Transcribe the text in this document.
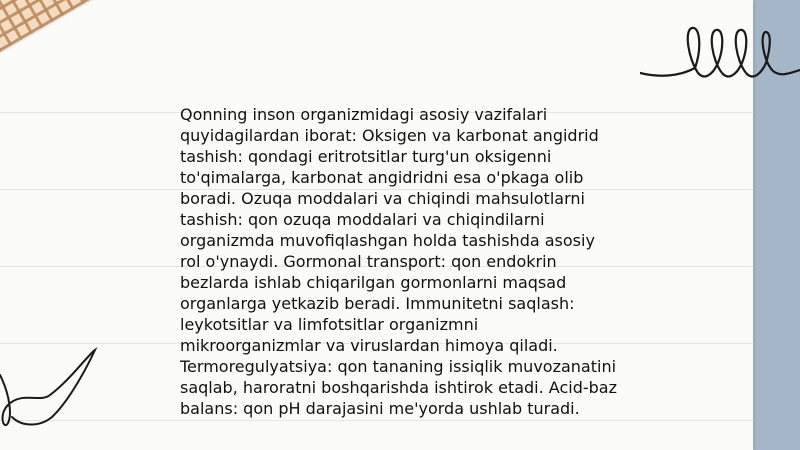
Qonning inson organizmidagi asosiy vazifalari quyidagilardan iborat: Oksigen va karbonat angidrid tashish: qondagi eritrotsitlar turg'un oksigenni to'qimalarga, karbonat angidridni esa o'pkaga olib boradi. Ozuqa moddalari va chiqindi mahsulotlarni tashish: qon ozuqa moddalari va chiqindilarni organizmda muvofiqlashgan holda tashishda asosiy rol o'ynaydi. Gormonal transport: qon endokrin bezlarda ishlab chiqarilgan gormonlarni maqsad organlarga yetkazib beradi. Immunitetni saqlash: leykotsitlar va limfotsitlar organizmni mikroorganizmlar va viruslardan himoya qiladi. Termoregulyatsiya: qon tananing issiqlik muvozanatini saqlab, haroratni boshqarishda ishtirok etadi. Acid-baz balans: qon pH darajasini me'yorda ushlab turadi.
